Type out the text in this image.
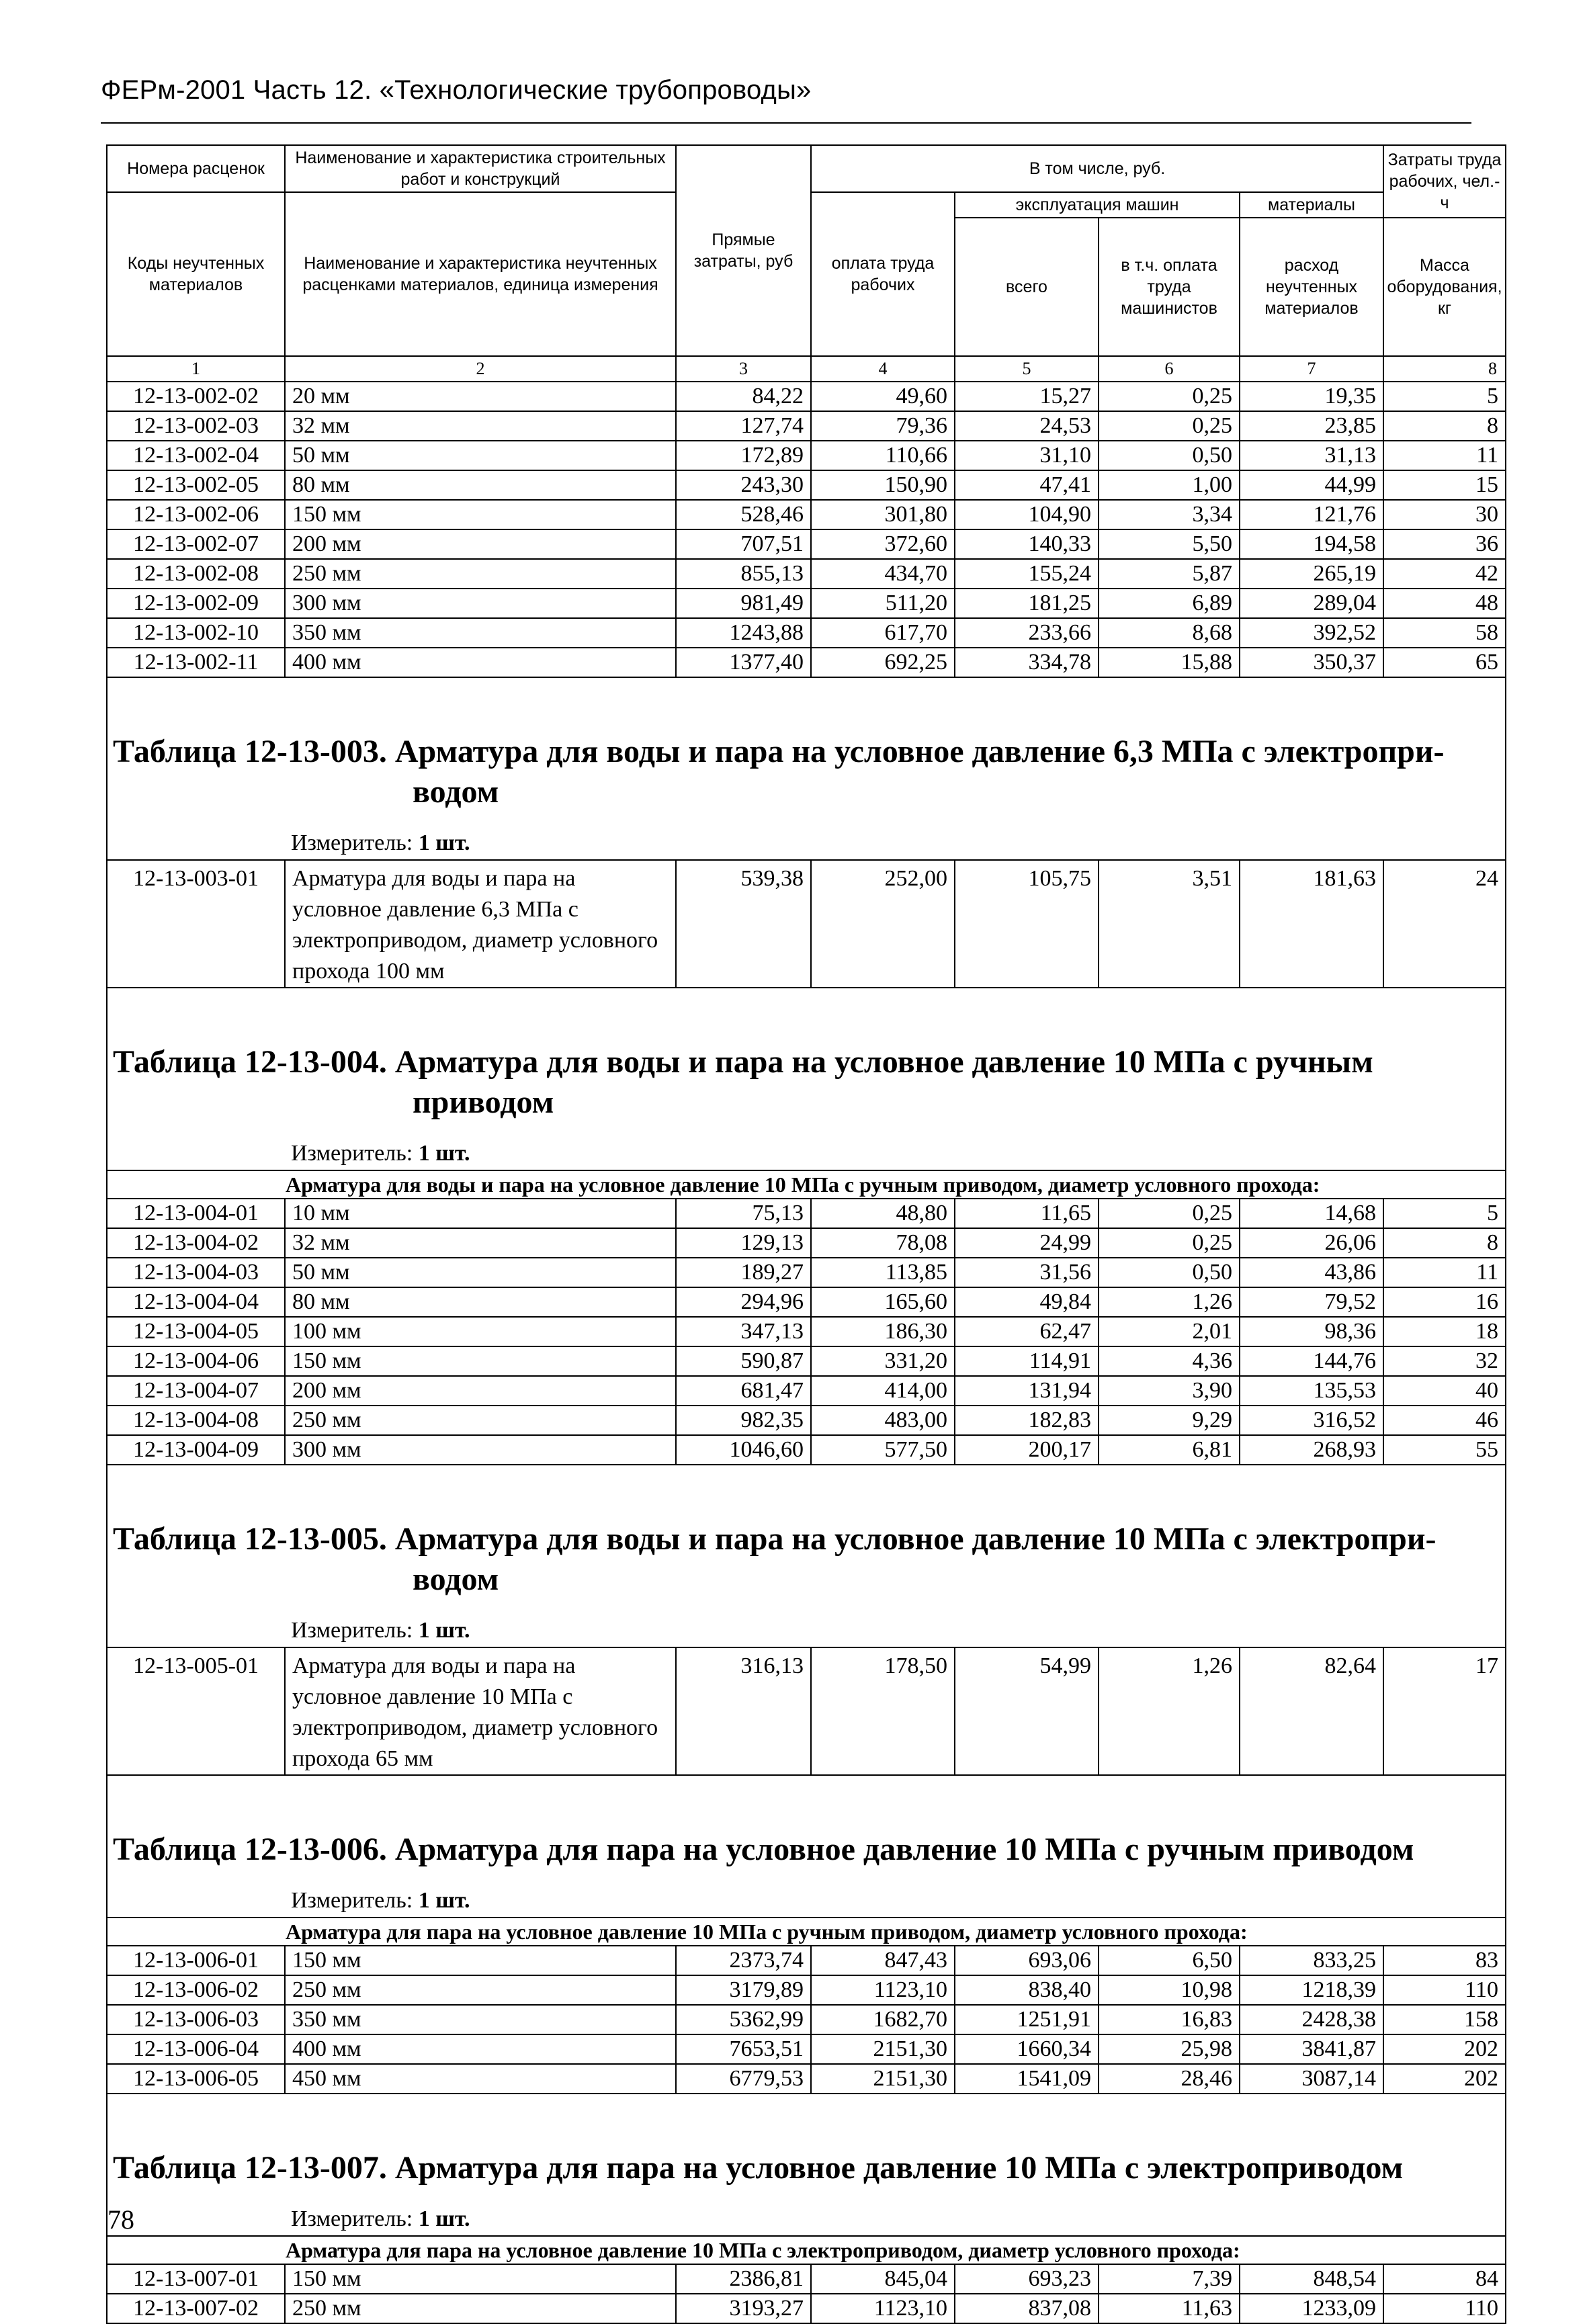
ФЕРм-2001 Часть 12. «Технологические трубопроводы»
Номера расценок	Наименование и характеристика строительных работ и конструкций	Прямые затраты, руб	В том числе, руб.				Затраты труда рабочих, чел.-ч
Коды неучтенных материалов	Наименование и характеристика неучтенных расценками материалов, единица измерения		оплата труда рабочих	эксплуатация машин		материалы	
				всего	в т.ч. оплата труда машинистов	расход неучтенных материалов	Масса оборудования, кг
1	2	3	4	5	6	7	8
12-13-002-02	20 мм	84,22	49,60	15,27	0,25	19,35	5
12-13-002-03	32 мм	127,74	79,36	24,53	0,25	23,85	8
12-13-002-04	50 мм	172,89	110,66	31,10	0,50	31,13	11
12-13-002-05	80 мм	243,30	150,90	47,41	1,00	44,99	15
12-13-002-06	150 мм	528,46	301,80	104,90	3,34	121,76	30
12-13-002-07	200 мм	707,51	372,60	140,33	5,50	194,58	36
12-13-002-08	250 мм	855,13	434,70	155,24	5,87	265,19	42
12-13-002-09	300 мм	981,49	511,20	181,25	6,89	289,04	48
12-13-002-10	350 мм	1243,88	617,70	233,66	8,68	392,52	58
12-13-002-11	400 мм	1377,40	692,25	334,78	15,88	350,37	65

Таблица 12-13-003. Арматура для воды и пара на условное давление 6,3 МПа с электропри-
водом
Измеритель: 1 шт.							

12-13-003-01	Арматура для воды и пара на условное давление 6,3 МПа с электроприводом, диаметр условного прохода 100 мм	539,38	252,00	105,75	3,51	181,63	24

Таблица 12-13-004. Арматура для воды и пара на условное давление 10 МПа с ручным
приводом
Измеритель: 1 шт.							

Арматура для воды и пара на условное давление 10 МПа с ручным приводом, диаметр условного прохода:							
12-13-004-01	10 мм	75,13	48,80	11,65	0,25	14,68	5
12-13-004-02	32 мм	129,13	78,08	24,99	0,25	26,06	8
12-13-004-03	50 мм	189,27	113,85	31,56	0,50	43,86	11
12-13-004-04	80 мм	294,96	165,60	49,84	1,26	79,52	16
12-13-004-05	100 мм	347,13	186,30	62,47	2,01	98,36	18
12-13-004-06	150 мм	590,87	331,20	114,91	4,36	144,76	32
12-13-004-07	200 мм	681,47	414,00	131,94	3,90	135,53	40
12-13-004-08	250 мм	982,35	483,00	182,83	9,29	316,52	46
12-13-004-09	300 мм	1046,60	577,50	200,17	6,81	268,93	55

Таблица 12-13-005. Арматура для воды и пара на условное давление 10 МПа с электропри-
водом
Измеритель: 1 шт.							

12-13-005-01	Арматура для воды и пара на условное давление 10 МПа с электроприводом, диаметр условного прохода 65 мм	316,13	178,50	54,99	1,26	82,64	17

Таблица 12-13-006. Арматура для пара на условное давление 10 МПа с ручным приводом
Измеритель: 1 шт.							

Арматура для пара на условное давление 10 МПа с ручным приводом, диаметр условного прохода:							
12-13-006-01	150 мм	2373,74	847,43	693,06	6,50	833,25	83
12-13-006-02	250 мм	3179,89	1123,10	838,40	10,98	1218,39	110
12-13-006-03	350 мм	5362,99	1682,70	1251,91	16,83	2428,38	158
12-13-006-04	400 мм	7653,51	2151,30	1660,34	25,98	3841,87	202
12-13-006-05	450 мм	6779,53	2151,30	1541,09	28,46	3087,14	202

Таблица 12-13-007. Арматура для пара на условное давление 10 МПа с электроприводом
Измеритель: 1 шт.							

Арматура для пара на условное давление 10 МПа с электроприводом, диаметр условного прохода:							
12-13-007-01	150 мм	2386,81	845,04	693,23	7,39	848,54	84
12-13-007-02	250 мм	3193,27	1123,10	837,08	11,63	1233,09	110
78
